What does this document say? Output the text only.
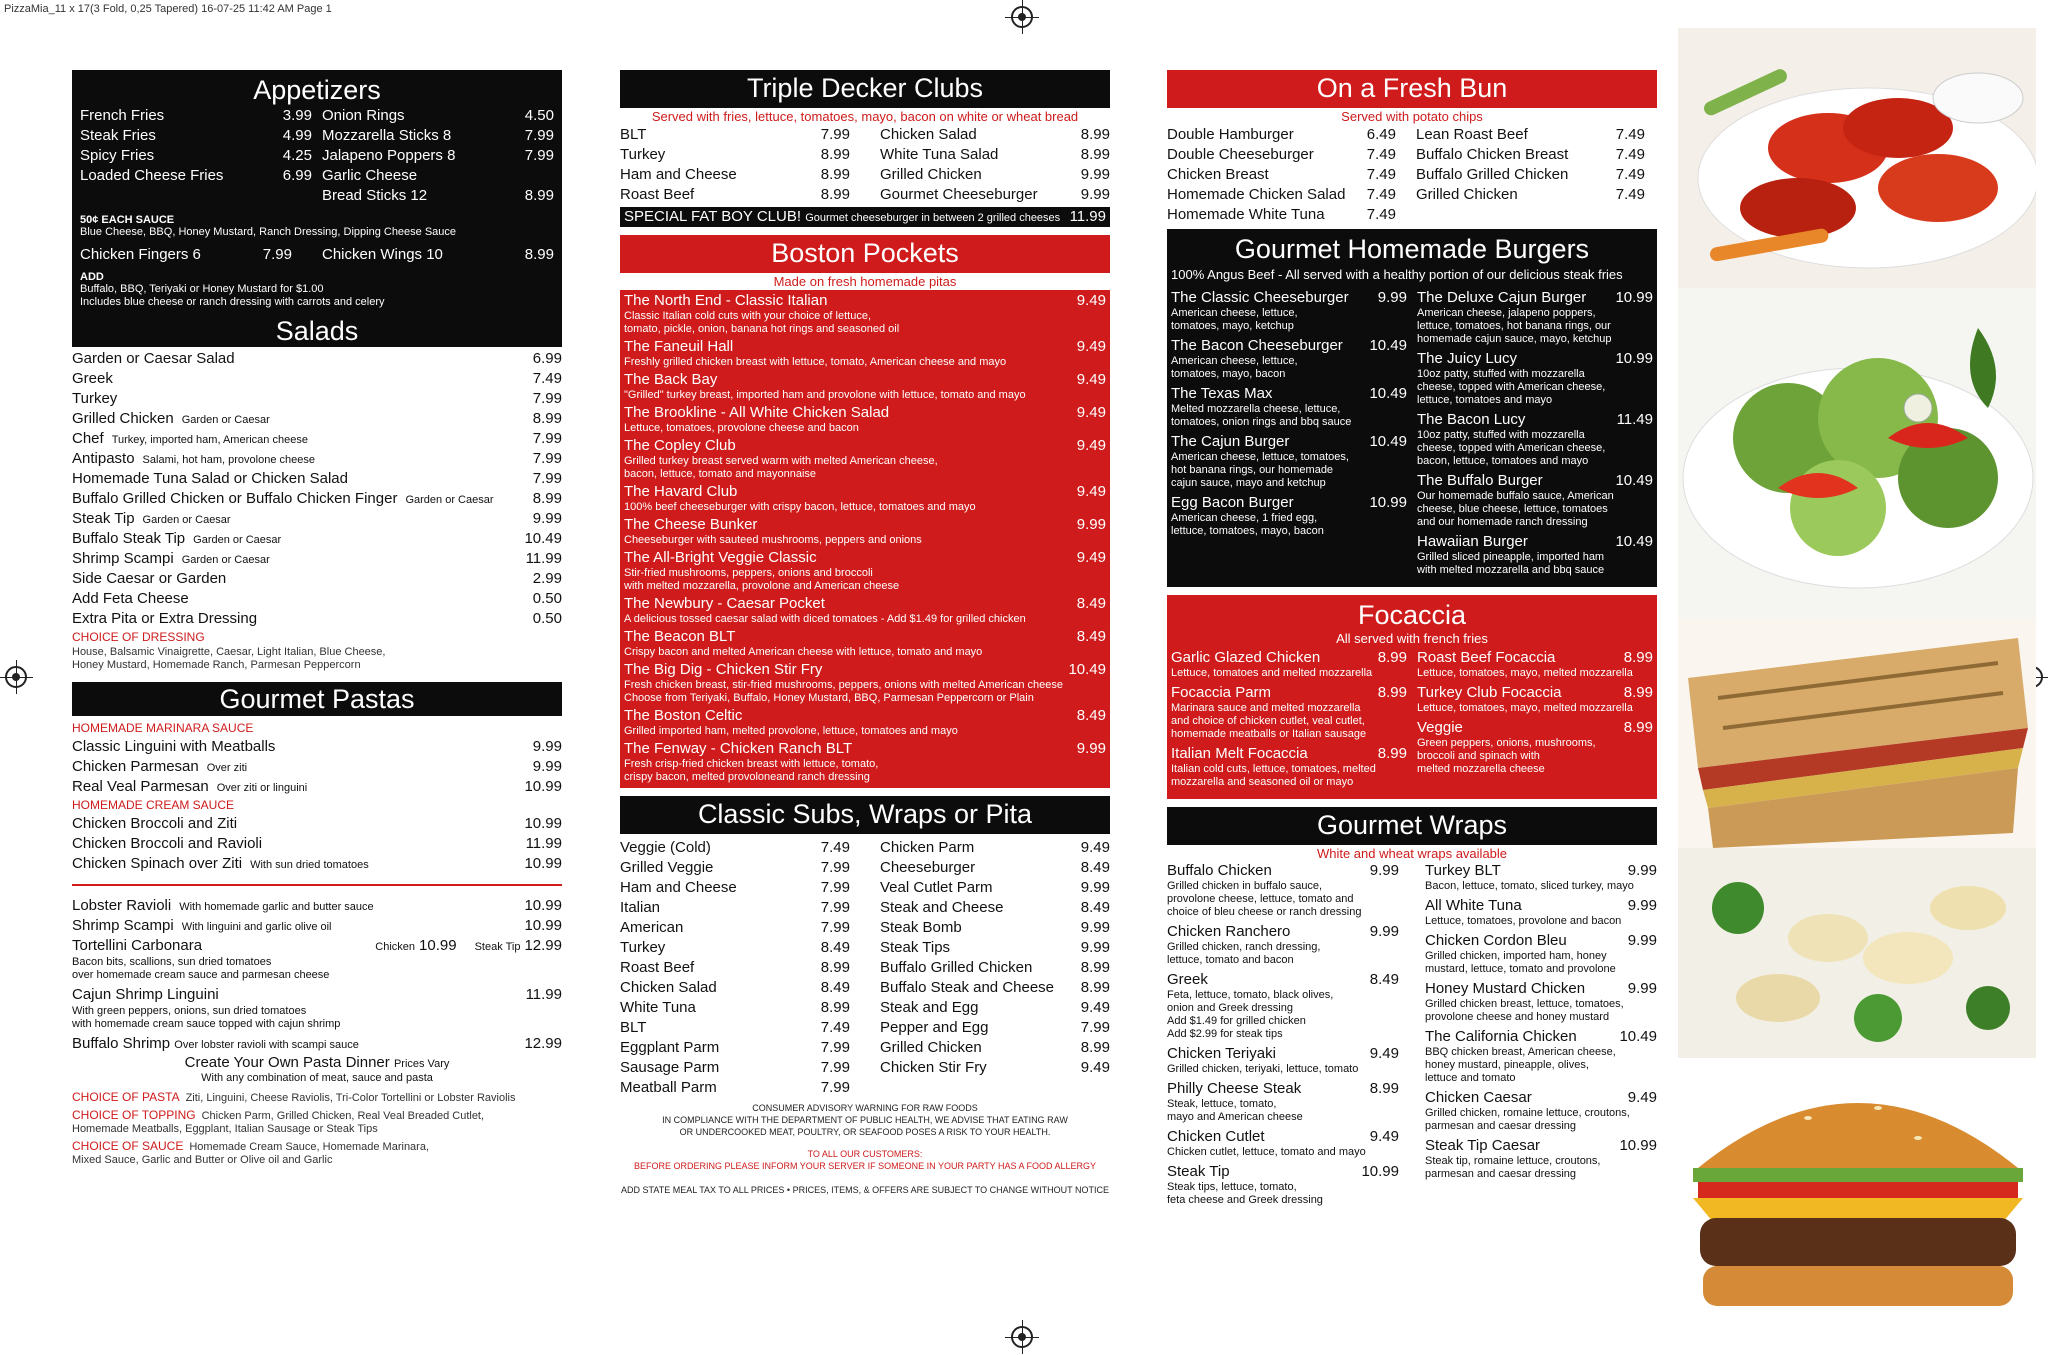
PizzaMia_11 x 17(3 Fold, 0,25 Tapered) 16-07-25 11:42 AM Page 1
Appetizers
French Fries	3.99
Steak Fries	4.99
Spicy Fries	4.25
Loaded Cheese Fries	6.99
Onion Rings	4.50
Mozzarella Sticks 8	7.99
Jalapeno Poppers 8	7.99
Garlic Cheese
Bread Sticks 12	8.99
50¢ EACH SAUCE
Blue Cheese, BBQ, Honey Mustard, Ranch Dressing, Dipping Cheese Sauce
Chicken Fingers 6	7.99 Chicken Wings 10	8.99
ADD
Buffalo, BBQ, Teriyaki or Honey Mustard for $1.00
Includes blue cheese or ranch dressing with carrots and celery
Salads
Garden or Caesar Salad	6.99
Greek	7.49
Turkey	7.99
Grilled Chicken Garden or Caesar	8.99
Chef Turkey, imported ham, American cheese	7.99
Antipasto Salami, hot ham, provolone cheese	7.99
Homemade Tuna Salad or Chicken Salad	7.99
Buffalo Grilled Chicken or Buffalo Chicken Finger Garden or Caesar	8.99
Steak Tip Garden or Caesar	9.99
Buffalo Steak Tip Garden or Caesar	10.49
Shrimp Scampi Garden or Caesar	11.99
Side Caesar or Garden	2.99
Add Feta Cheese	0.50
Extra Pita or Extra Dressing	0.50
CHOICE OF DRESSING
House, Balsamic Vinaigrette, Caesar, Light Italian, Blue Cheese,
Honey Mustard, Homemade Ranch, Parmesan Peppercorn
Gourmet Pastas
HOMEMADE MARINARA SAUCE
Classic Linguini with Meatballs	9.99
Chicken Parmesan Over ziti	9.99
Real Veal Parmesan Over ziti or linguini	10.99
HOMEMADE CREAM SAUCE
Chicken Broccoli and Ziti	10.99
Chicken Broccoli and Ravioli	11.99
Chicken Spinach over Ziti With sun dried tomatoes	10.99
Lobster Ravioli With homemade garlic and butter sauce	10.99
Shrimp Scampi With linguini and garlic olive oil	10.99
Tortellini Carbonara	Chicken 10.99 Steak Tip 12.99
Bacon bits, scallions, sun dried tomatoes
over homemade cream sauce and parmesan cheese
Cajun Shrimp Linguini	11.99
With green peppers, onions, sun dried tomatoes
with homemade cream sauce topped with cajun shrimp
Buffalo Shrimp Over lobster ravioli with scampi sauce	12.99
Create Your Own Pasta Dinner Prices Vary
With any combination of meat, sauce and pasta
CHOICE OF PASTA Ziti, Linguini, Cheese Raviolis, Tri-Color Tortellini or Lobster Raviolis
CHOICE OF TOPPING Chicken Parm, Grilled Chicken, Real Veal Breaded Cutlet,
Homemade Meatballs, Eggplant, Italian Sausage or Steak Tips
CHOICE OF SAUCE Homemade Cream Sauce, Homemade Marinara,
Mixed Sauce, Garlic and Butter or Olive oil and Garlic
Triple Decker Clubs
Served with fries, lettuce, tomatoes, mayo, bacon on white or wheat bread
BLT	7.99
Turkey	8.99
Ham and Cheese	8.99
Roast Beef	8.99
Chicken Salad	8.99
White Tuna Salad	8.99
Grilled Chicken	9.99
Gourmet Cheeseburger	9.99
SPECIAL FAT BOY CLUB! Gourmet cheeseburger in between 2 grilled cheeses 11.99
Boston Pockets
Made on fresh homemade pitas
The North End - Classic Italian	9.49
Classic Italian cold cuts with your choice of lettuce,
tomato, pickle, onion, banana hot rings and seasoned oil
The Faneuil Hall	9.49
Freshly grilled chicken breast with lettuce, tomato, American cheese and mayo
The Back Bay	9.49
"Grilled" turkey breast, imported ham and provolone with lettuce, tomato and mayo
The Brookline - All White Chicken Salad	9.49
Lettuce, tomatoes, provolone cheese and bacon
The Copley Club	9.49
Grilled turkey breast served warm with melted American cheese,
bacon, lettuce, tomato and mayonnaise
The Havard Club	9.49
100% beef cheeseburger with crispy bacon, lettuce, tomatoes and mayo
The Cheese Bunker	9.99
Cheeseburger with sauteed mushrooms, peppers and onions
The All-Bright Veggie Classic	9.49
Stir-fried mushrooms, peppers, onions and broccoli
with melted mozzarella, provolone and American cheese
The Newbury - Caesar Pocket	8.49
A delicious tossed caesar salad with diced tomatoes - Add $1.49 for grilled chicken
The Beacon BLT	8.49
Crispy bacon and melted American cheese with lettuce, tomato and mayo
The Big Dig - Chicken Stir Fry	10.49
Fresh chicken breast, stir-fried mushrooms, peppers, onions with melted American cheese
Choose from Teriyaki, Buffalo, Honey Mustard, BBQ, Parmesan Peppercorn or Plain
The Boston Celtic	8.49
Grilled imported ham, melted provolone, lettuce, tomatoes and mayo
The Fenway - Chicken Ranch BLT	9.99
Fresh crisp-fried chicken breast with lettuce, tomato,
crispy bacon, melted provoloneand ranch dressing
Classic Subs, Wraps or Pita
Veggie (Cold)	7.49
Grilled Veggie	7.99
Ham and Cheese	7.99
Italian	7.99
American	7.99
Turkey	8.49
Roast Beef	8.99
Chicken Salad	8.49
White Tuna	8.99
BLT	7.49
Eggplant Parm	7.99
Sausage Parm	7.99
Meatball Parm	7.99
Chicken Parm	9.49
Cheeseburger	8.49
Veal Cutlet Parm	9.99
Steak and Cheese	8.49
Steak Bomb	9.99
Steak Tips	9.99
Buffalo Grilled Chicken	8.99
Buffalo Steak and Cheese	8.99
Steak and Egg	9.49
Pepper and Egg	7.99
Grilled Chicken	8.99
Chicken Stir Fry	9.49
CONSUMER ADVISORY WARNING FOR RAW FOODS
IN COMPLIANCE WITH THE DEPARTMENT OF PUBLIC HEALTH, WE ADVISE THAT EATING RAW
OR UNDERCOOKED MEAT, POULTRY, OR SEAFOOD POSES A RISK TO YOUR HEALTH.
TO ALL OUR CUSTOMERS:
BEFORE ORDERING PLEASE INFORM YOUR SERVER IF SOMEONE IN YOUR PARTY HAS A FOOD ALLERGY
ADD STATE MEAL TAX TO ALL PRICES • PRICES, ITEMS, & OFFERS ARE SUBJECT TO CHANGE WITHOUT NOTICE
On a Fresh Bun
Served with potato chips
Double Hamburger	6.49
Double Cheeseburger	7.49
Chicken Breast	7.49
Homemade Chicken Salad	7.49
Homemade White Tuna	7.49
Lean Roast Beef	7.49
Buffalo Chicken Breast	7.49
Buffalo Grilled Chicken	7.49
Grilled Chicken	7.49
Gourmet Homemade Burgers
100% Angus Beef - All served with a healthy portion of our delicious steak fries
The Classic Cheeseburger	9.99
American cheese, lettuce,
tomatoes, mayo, ketchup
The Bacon Cheeseburger	10.49
American cheese, lettuce,
tomatoes, mayo, bacon
The Texas Max	10.49
Melted mozzarella cheese, lettuce,
tomatoes, onion rings and bbq sauce
The Cajun Burger	10.49
American cheese, lettuce, tomatoes,
hot banana rings, our homemade
cajun sauce, mayo and ketchup
Egg Bacon Burger	10.99
American cheese, 1 fried egg,
lettuce, tomatoes, mayo, bacon
The Deluxe Cajun Burger	10.99
American cheese, jalapeno poppers,
lettuce, tomatoes, hot banana rings, our
homemade cajun sauce, mayo, ketchup
The Juicy Lucy	10.99
10oz patty, stuffed with mozzarella
cheese, topped with American cheese,
lettuce, tomatoes and mayo
The Bacon Lucy	11.49
10oz patty, stuffed with mozzarella
cheese, topped with American cheese,
bacon, lettuce, tomatoes and mayo
The Buffalo Burger	10.49
Our homemade buffalo sauce, American
cheese, blue cheese, lettuce, tomatoes
and our homemade ranch dressing
Hawaiian Burger	10.49
Grilled sliced pineapple, imported ham
with melted mozzarella and bbq sauce
Focaccia
All served with french fries
Garlic Glazed Chicken	8.99
Lettuce, tomatoes and melted mozzarella
Focaccia Parm	8.99
Marinara sauce and melted mozzarella
and choice of chicken cutlet, veal cutlet,
homemade meatballs or Italian sausage
Italian Melt Focaccia	8.99
Italian cold cuts, lettuce, tomatoes, melted
mozzarella and seasoned oil or mayo
Roast Beef Focaccia	8.99
Lettuce, tomatoes, mayo, melted mozzarella
Turkey Club Focaccia	8.99
Lettuce, tomatoes, mayo, melted mozzarella
Veggie	8.99
Green peppers, onions, mushrooms,
broccoli and spinach with
melted mozzarella cheese
Gourmet Wraps
White and wheat wraps available
Buffalo Chicken	9.99
Grilled chicken in buffalo sauce,
provolone cheese, lettuce, tomato and
choice of bleu cheese or ranch dressing
Chicken Ranchero	9.99
Grilled chicken, ranch dressing,
lettuce, tomato and bacon
Greek	8.49
Feta, lettuce, tomato, black olives,
onion and Greek dressing
Add $1.49 for grilled chicken
Add $2.99 for steak tips
Chicken Teriyaki	9.49
Grilled chicken, teriyaki, lettuce, tomato
Philly Cheese Steak	8.99
Steak, lettuce, tomato,
mayo and American cheese
Chicken Cutlet	9.49
Chicken cutlet, lettuce, tomato and mayo
Steak Tip	10.99
Steak tips, lettuce, tomato,
feta cheese and Greek dressing
Turkey BLT	9.99
Bacon, lettuce, tomato, sliced turkey, mayo
All White Tuna	9.99
Lettuce, tomatoes, provolone and bacon
Chicken Cordon Bleu	9.99
Grilled chicken, imported ham, honey
mustard, lettuce, tomato and provolone
Honey Mustard Chicken	9.99
Grilled chicken breast, lettuce, tomatoes,
provolone cheese and honey mustard
The California Chicken	10.49
BBQ chicken breast, American cheese,
honey mustard, pineapple, olives,
lettuce and tomato
Chicken Caesar	9.49
Grilled chicken, romaine lettuce, croutons,
parmesan and caesar dressing
Steak Tip Caesar	10.99
Steak tip, romaine lettuce, croutons,
parmesan and caesar dressing
